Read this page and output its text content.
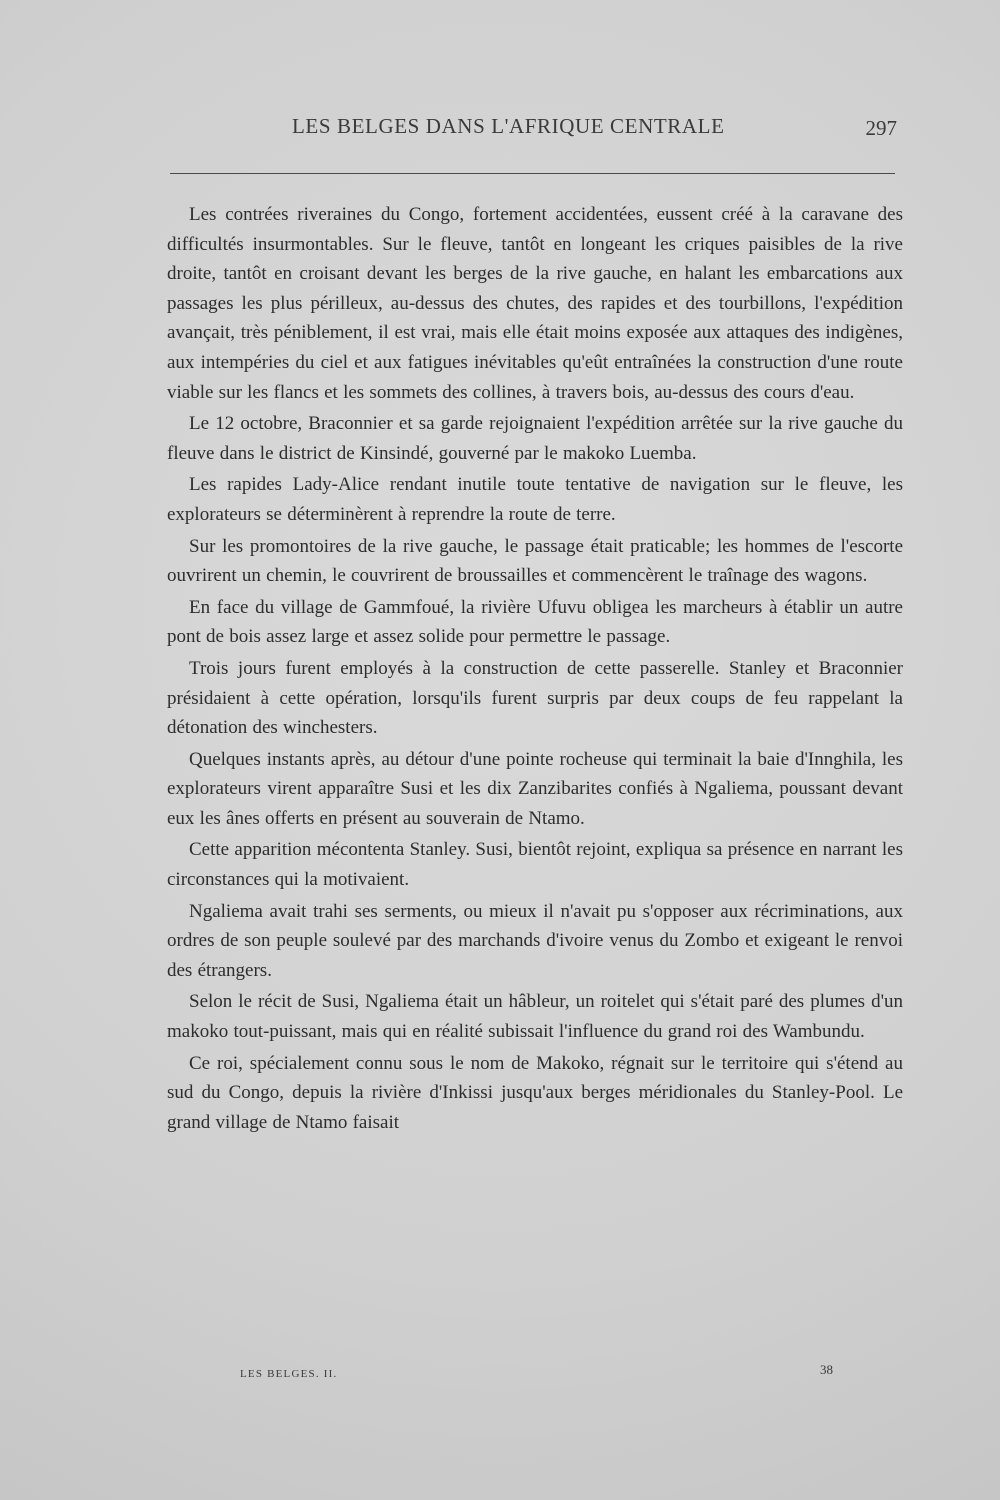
LES BELGES DANS L'AFRIQUE CENTRALE	297

Les contrées riveraines du Congo, fortement accidentées, eussent créé à la caravane des difficultés insurmontables. Sur le fleuve, tantôt en longeant les criques paisibles de la rive droite, tantôt en croisant devant les berges de la rive gauche, en halant les embarcations aux passages les plus périlleux, au-dessus des chutes, des rapides et des tourbillons, l'expédition avançait, très péniblement, il est vrai, mais elle était moins exposée aux attaques des indigènes, aux intempéries du ciel et aux fatigues inévitables qu'eût entraînées la construction d'une route viable sur les flancs et les sommets des collines, à travers bois, au-dessus des cours d'eau.

Le 12 octobre, Braconnier et sa garde rejoignaient l'expédition arrêtée sur la rive gauche du fleuve dans le district de Kinsindé, gouverné par le makoko Luemba.

Les rapides Lady-Alice rendant inutile toute tentative de navigation sur le fleuve, les explorateurs se déterminèrent à reprendre la route de terre.

Sur les promontoires de la rive gauche, le passage était praticable; les hommes de l'escorte ouvrirent un chemin, le couvrirent de broussailles et commencèrent le traînage des wagons.

En face du village de Gammfoué, la rivière Ufuvu obligea les marcheurs à établir un autre pont de bois assez large et assez solide pour permettre le passage.

Trois jours furent employés à la construction de cette passerelle. Stanley et Braconnier présidaient à cette opération, lorsqu'ils furent surpris par deux coups de feu rappelant la détonation des winchesters.

Quelques instants après, au détour d'une pointe rocheuse qui terminait la baie d'Innghila, les explorateurs virent apparaître Susi et les dix Zanzibarites confiés à Ngaliema, poussant devant eux les ânes offerts en présent au souverain de Ntamo.

Cette apparition mécontenta Stanley. Susi, bientôt rejoint, expliqua sa présence en narrant les circonstances qui la motivaient.

Ngaliema avait trahi ses serments, ou mieux il n'avait pu s'opposer aux récriminations, aux ordres de son peuple soulevé par des marchands d'ivoire venus du Zombo et exigeant le renvoi des étrangers.

Selon le récit de Susi, Ngaliema était un hâbleur, un roitelet qui s'était paré des plumes d'un makoko tout-puissant, mais qui en réalité subissait l'influence du grand roi des Wambundu.

Ce roi, spécialement connu sous le nom de Makoko, régnait sur le territoire qui s'étend au sud du Congo, depuis la rivière d'Inkissi jusqu'aux berges méridionales du Stanley-Pool. Le grand village de Ntamo faisait

LES BELGES. II.	38
